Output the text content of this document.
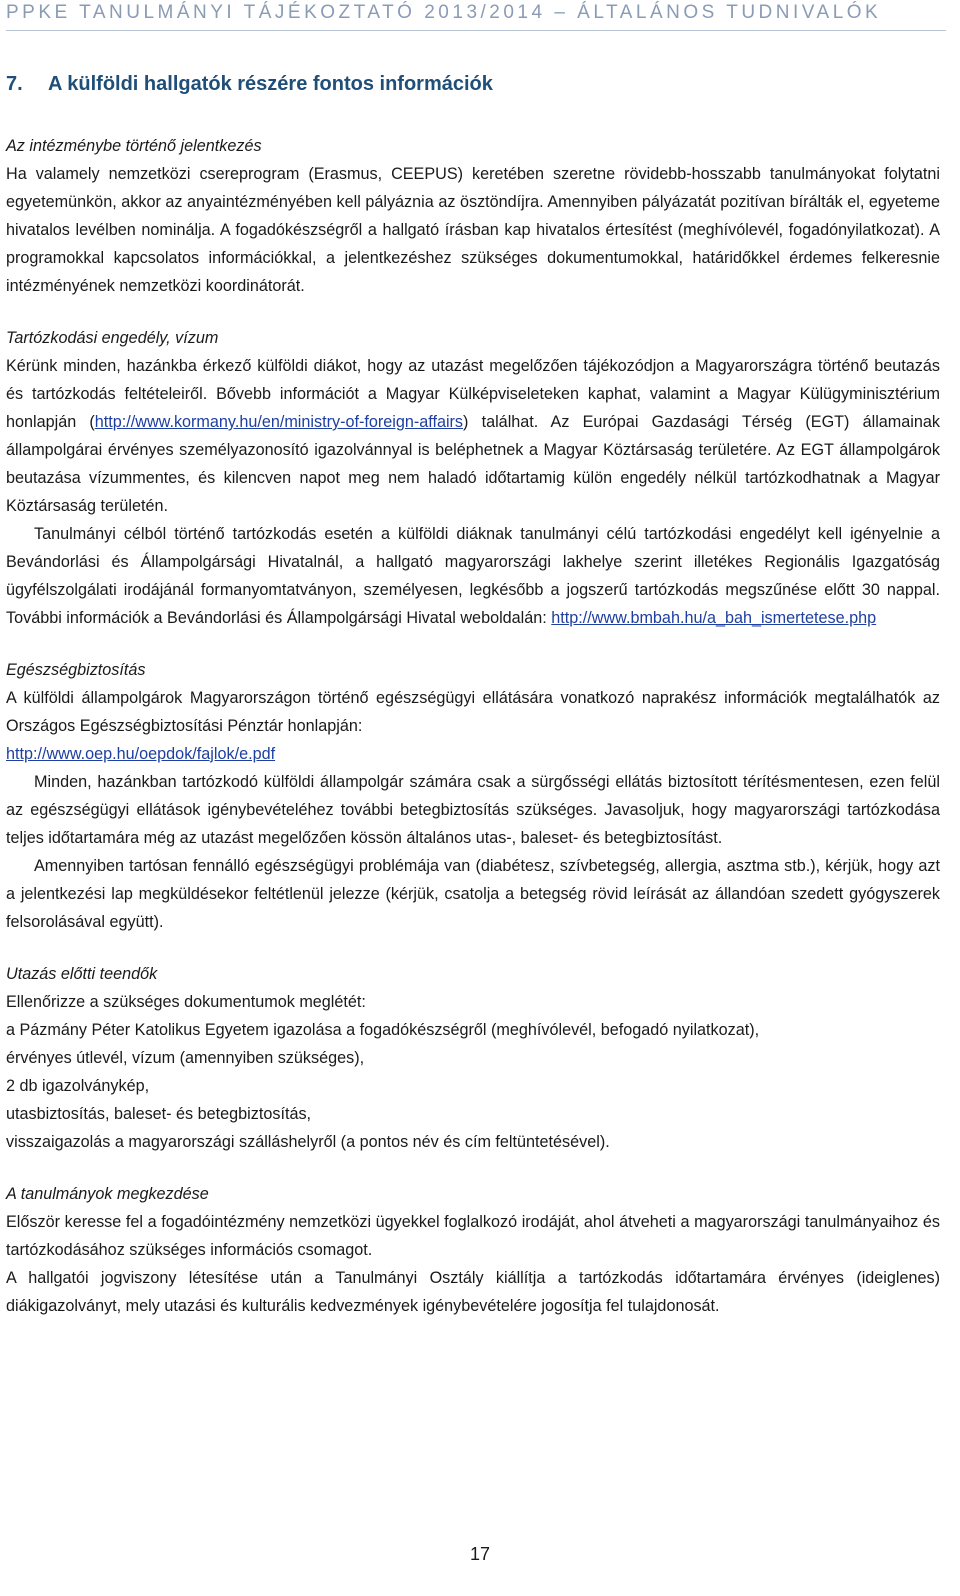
PPKE TANULMÁNYI TÁJÉKOZTATÓ 2013/2014 – ÁLTALÁNOS TUDNIVALÓK
7. A külföldi hallgatók részére fontos információk

Az intézménybe történő jelentkezés

Ha valamely nemzetközi csereprogram (Erasmus, CEEPUS) keretében szeretne rövidebb-hosszabb tanulmányokat folytatni egyetemünkön, akkor az anyaintézményében kell pályáznia az ösztöndíjra. Amennyiben pályázatát pozitívan bírálták el, egyeteme hivatalos levélben nominálja. A fogadókészségről a hallgató írásban kap hivatalos értesítést (meghívólevél, fogadónyilatkozat). A programokkal kapcsolatos információkkal, a jelentkezéshez szükséges dokumentumokkal, határidőkkel érdemes felkeresnie intézményének nemzetközi koordinátorát.

Tartózkodási engedély, vízum

Kérünk minden, hazánkba érkező külföldi diákot, hogy az utazást megelőzően tájékozódjon a Magyarországra történő beutazás és tartózkodás feltételeiről. Bővebb információt a Magyar Külképviseleteken kaphat, valamint a Magyar Külügyminisztérium honlapján (http://www.kormany.hu/en/ministry-of-foreign-affairs) találhat. Az Európai Gazdasági Térség (EGT) államainak állampolgárai érvényes személyazonosító igazolvánnyal is beléphetnek a Magyar Köztársaság területére. Az EGT állampolgárok beutazása vízummentes, és kilencven napot meg nem haladó időtartamig külön engedély nélkül tartózkodhatnak a Magyar Köztársaság területén.

Tanulmányi célból történő tartózkodás esetén a külföldi diáknak tanulmányi célú tartózkodási engedélyt kell igényelnie a Bevándorlási és Állampolgársági Hivatalnál, a hallgató magyarországi lakhelye szerint illetékes Regionális Igazgatóság ügyfélszolgálati irodájánál formanyomtatványon, személyesen, legkésőbb a jogszerű tartózkodás megszűnése előtt 30 nappal. További információk a Bevándorlási és Állampolgársági Hivatal weboldalán: http://www.bmbah.hu/a_bah_ismertetese.php

Egészségbiztosítás

A külföldi állampolgárok Magyarországon történő egészségügyi ellátására vonatkozó naprakész információk megtalálhatók az Országos Egészségbiztosítási Pénztár honlapján:

http://www.oep.hu/oepdok/fajlok/e.pdf

Minden, hazánkban tartózkodó külföldi állampolgár számára csak a sürgősségi ellátás biztosított térítésmentesen, ezen felül az egészségügyi ellátások igénybevételéhez további betegbiztosítás szükséges. Javasoljuk, hogy magyarországi tartózkodása teljes időtartamára még az utazást megelőzően kössön általános utas-, baleset- és betegbiztosítást.

Amennyiben tartósan fennálló egészségügyi problémája van (diabétesz, szívbetegség, allergia, asztma stb.), kérjük, hogy azt a jelentkezési lap megküldésekor feltétlenül jelezze (kérjük, csatolja a betegség rövid leírását az állandóan szedett gyógyszerek felsorolásával együtt).

Utazás előtti teendők

Ellenőrizze a szükséges dokumentumok meglétét:

a Pázmány Péter Katolikus Egyetem igazolása a fogadókészségről (meghívólevél, befogadó nyilatkozat),

érvényes útlevél, vízum (amennyiben szükséges),

2 db igazolványkép,

utasbiztosítás, baleset- és betegbiztosítás,

visszaigazolás a magyarországi szálláshelyről (a pontos név és cím feltüntetésével).

A tanulmányok megkezdése

Először keresse fel a fogadóintézmény nemzetközi ügyekkel foglalkozó irodáját, ahol átveheti a magyarországi tanulmányaihoz és tartózkodásához szükséges információs csomagot.

A hallgatói jogviszony létesítése után a Tanulmányi Osztály kiállítja a tartózkodás időtartamára érvényes (ideiglenes) diákigazolványt, mely utazási és kulturális kedvezmények igénybevételére jogosítja fel tulajdonosát.

17
